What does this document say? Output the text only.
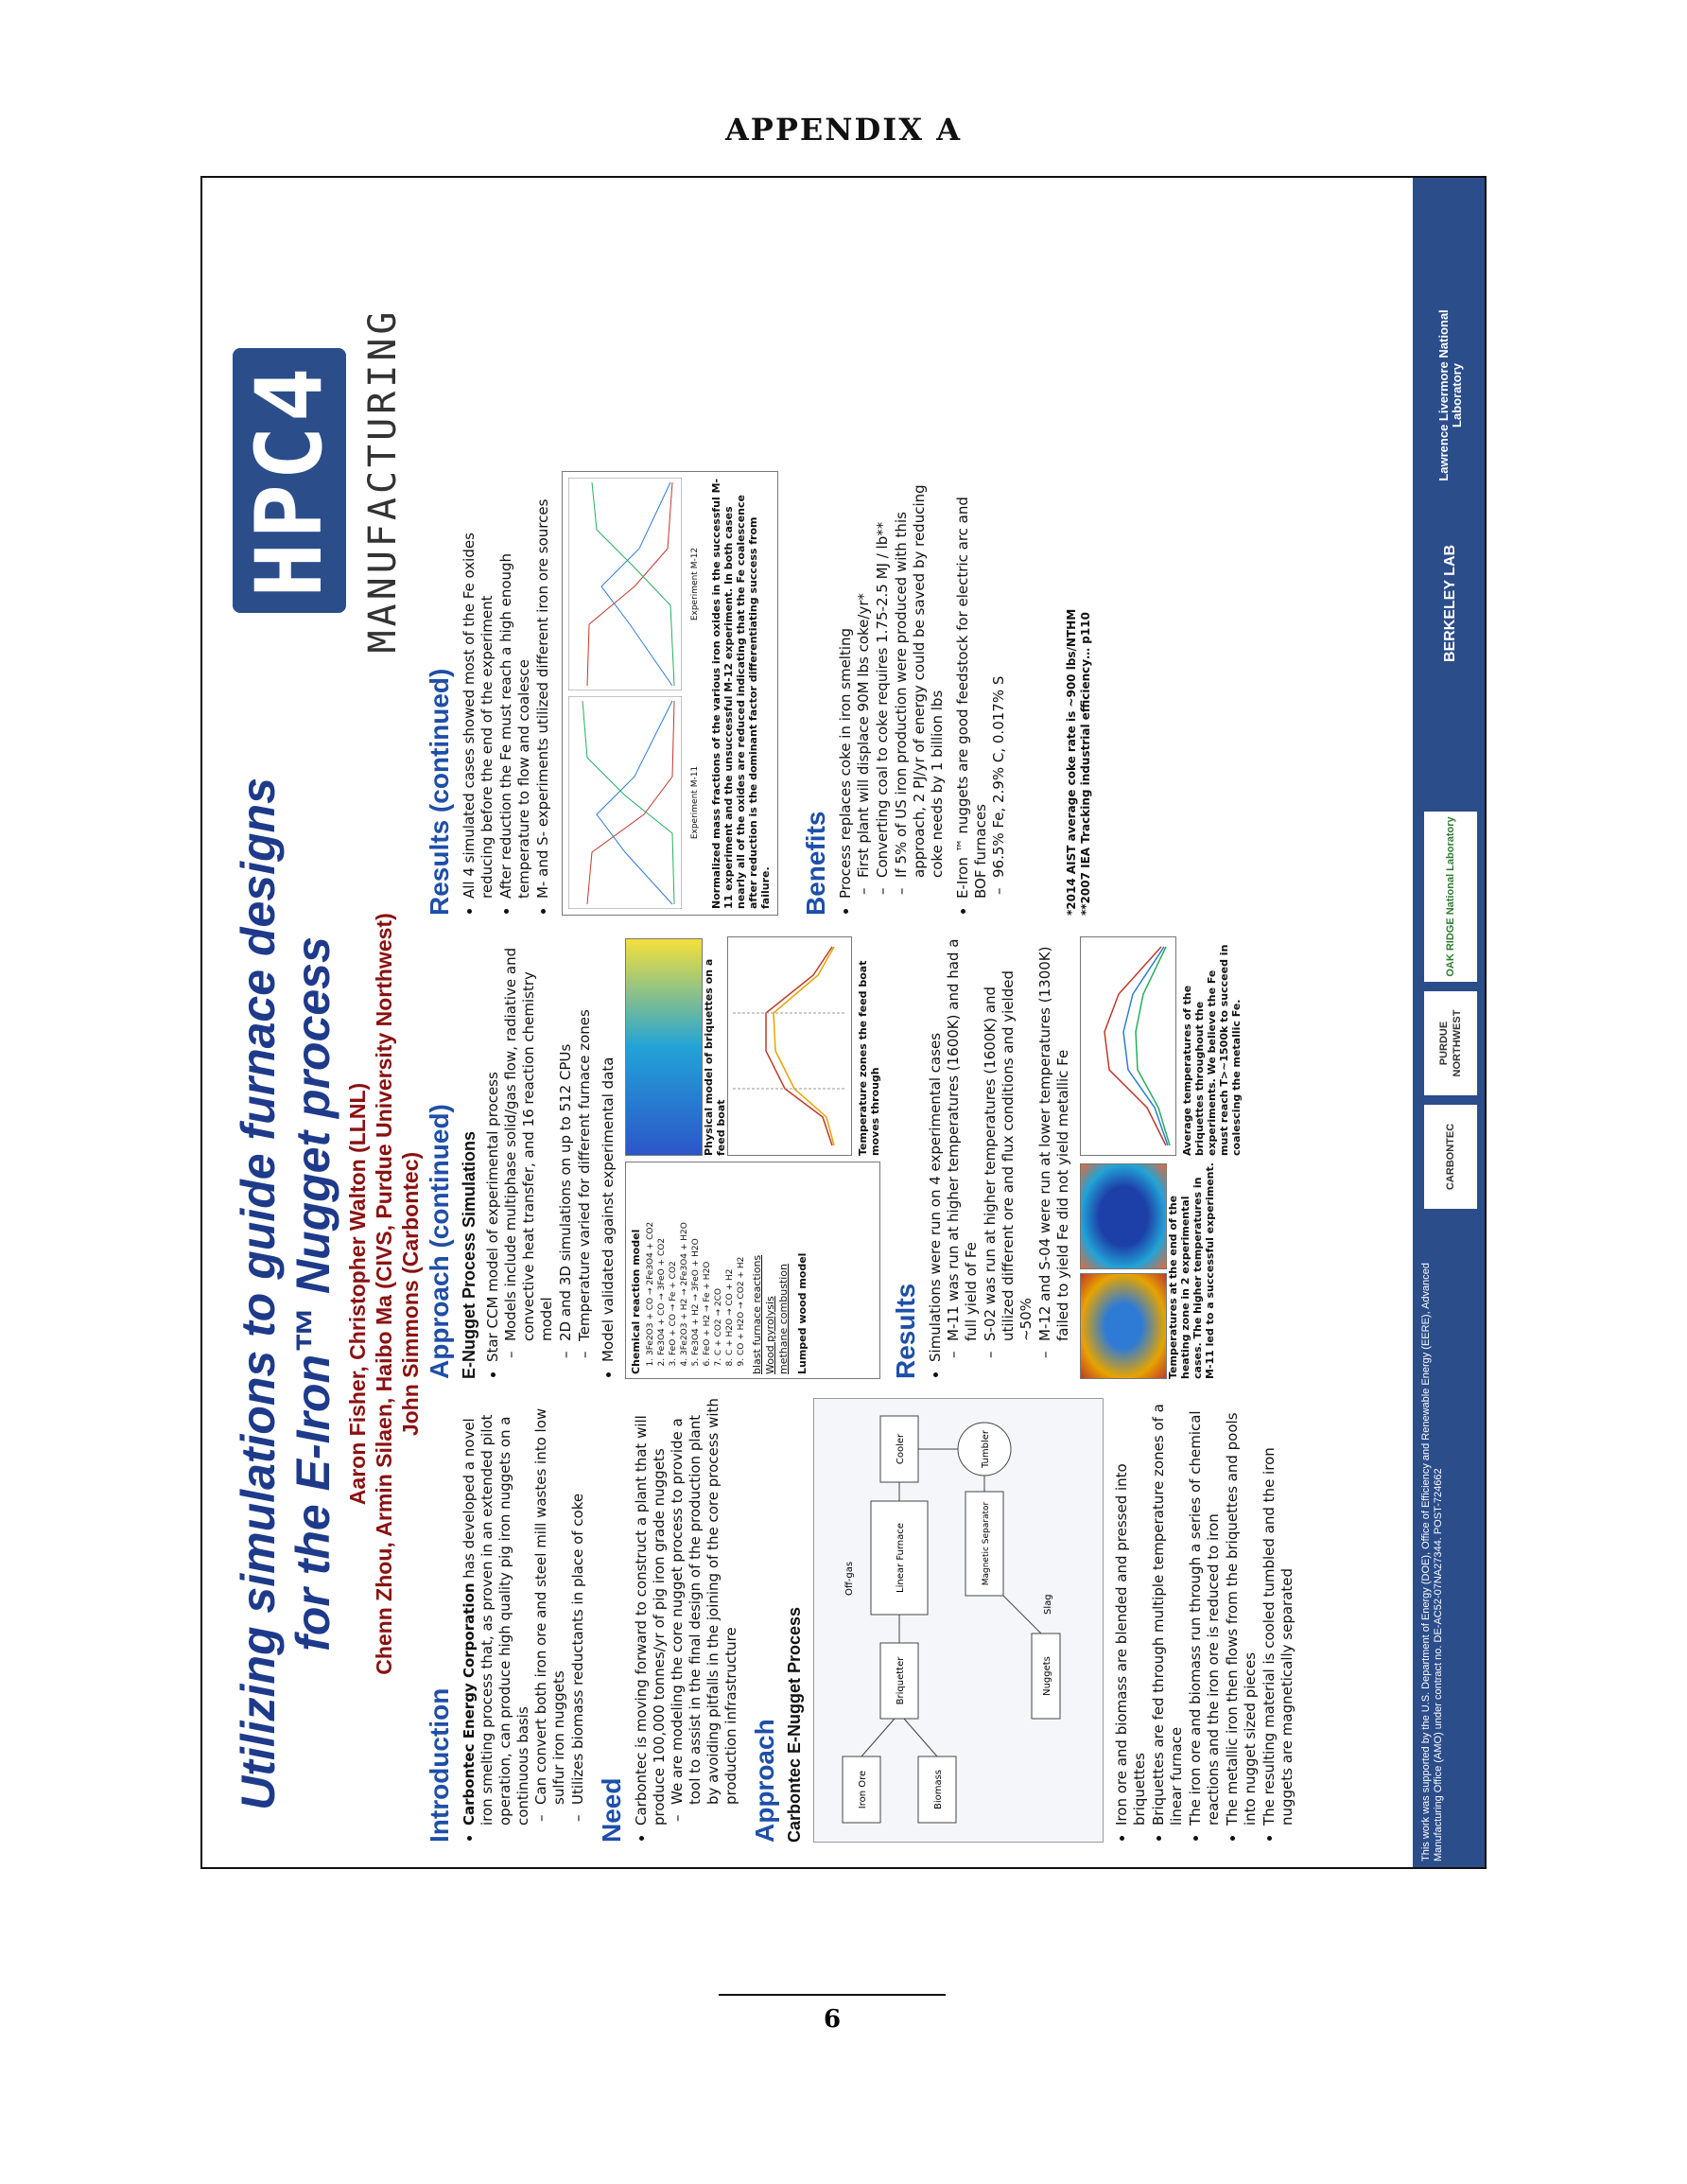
APPENDIX A
Utilizing simulations to guide furnace designs for the E-Iron™ Nugget process Aaron Fisher, Christopher Walton (LLNL) Chenn Zhou, Armin Silaen, Haibo Ma (CIVS, Purdue University Northwest) John Simmons (Carbontec)
HPC4 MANUFACTURING
Introduction • Carbontec Energy Corporation has developed a novel iron smelting process that, as proven in an extended pilot operation, can produce high quality pig iron nuggets on a continuous basis – Can convert both iron ore and steel mill wastes into low sulfur iron nuggets – Utilizes biomass reductants in place of coke
Need • Carbontec is moving forward to construct a plant that will produce 100,000 tonnes/yr of pig iron grade nuggets – We are modeling the core nugget process to provide a tool to assist in the final design of the production plant by avoiding pitfalls in the joining of the core process with production infrastructure Approach Carbontec E-Nugget Process	Iron Ore	Biomass
Briquetter
Linear Furnace
Cooler	Tumbler
Magnetic Separator
Nuggets
Slag
Off-gas	• Iron ore and biomass are blended and pressed into briquettes • Briquettes are fed through multiple temperature zones of a linear furnace • The iron ore and biomass run through a series of chemical reactions and the iron ore is reduced to iron • The metallic iron then flows from the briquettes and pools into nugget sized pieces • The resulting material is cooled tumbled and the iron nuggets are magnetically separated
Approach (continued) E-Nugget Process Simulations • Star CCM model of experimental process – Models include multiphase solid/gas flow, radiative and convective heat transfer, and 16 reaction chemistry model – 2D and 3D simulations on up to 512 CPUs – Temperature varied for different furnace zones • Model validated against experimental data Chemical reaction model 1. 3Fe2O3 + CO → 2Fe3O4 + CO2 2. Fe3O4 + CO → 3FeO + CO2 3. FeO + CO → Fe + CO2 4. 3Fe2O3 + H2 → 2Fe3O4 + H2O 5. Fe3O4 + H2 → 3FeO + H2O 6. FeO + H2 → Fe + H2O 7. C + CO2 → 2CO 8. C + H2O → CO + H2 9. CO + H2O → CO2 + H2 blast furnace reactions Wood pyrolysis methane combustion Lumped wood model
Physical model of briquettes on a feed boat	Temperature zones the feed boat moves through
Results • Simulations were run on 4 experimental cases – M-11 was run at higher temperatures (1600K) and had a full yield of Fe – S-02 was run at higher temperatures (1600K) and utilized different ore and flux conditions and yielded ~50% – M-12 and S-04 were run at lower temperatures (1300K) failed to yield Fe did not yield metallic Fe	Temperatures at the end of the heating zone in 2 experimental cases. The higher temperatures in M-11 led to a successful experiment.
Average temperatures of the briquettes throughout the experiments. We believe the Fe must reach T>~1500k to succeed in coalescing the metallic Fe.
Results (continued) • All 4 simulated cases showed most of the Fe oxides reducing before the end of the experiment • After reduction the Fe must reach a high enough temperature to flow and coalesce • M- and S- experiments utilized different iron ore sources	Experiment M-11
Experiment M-12	Normalized mass fractions of the various iron oxides in the successful M-11 experiment and the unsuccessful M-12 experiment. In both cases nearly all of the oxides are reduced indicating that the Fe coalescence after reduction is the dominant factor differentiating success from failure. Benefits • Process replaces coke in iron smelting – First plant will displace 90M lbs coke/yr* – Converting coal to coke requires 1.75-2.5 MJ / lb** – If 5% of US iron production were produced with this approach, 2 PJ/yr of energy could be saved by reducing coke needs by 1 billion lbs • E-Iron ™ nuggets are good feedstock for electric arc and BOF furnaces – 96.5% Fe, 2.9% C, 0.017% S	*2014 AIST average coke rate is ~900 lbs/NTHM **2007 IEA Tracking industrial efficiency… p110
This work was supported by the U.S. Department of Energy (DOE), Office of Efficiency and Renewable Energy (EERE), Advanced Manufacturing Office (AMO) under contract no. DE-AC52-07NA27344. POST-724662
CARBONTEC
PURDUE NORTHWEST
OAK RIDGE National Laboratory
BERKELEY LAB
Lawrence Livermore National Laboratory
6
